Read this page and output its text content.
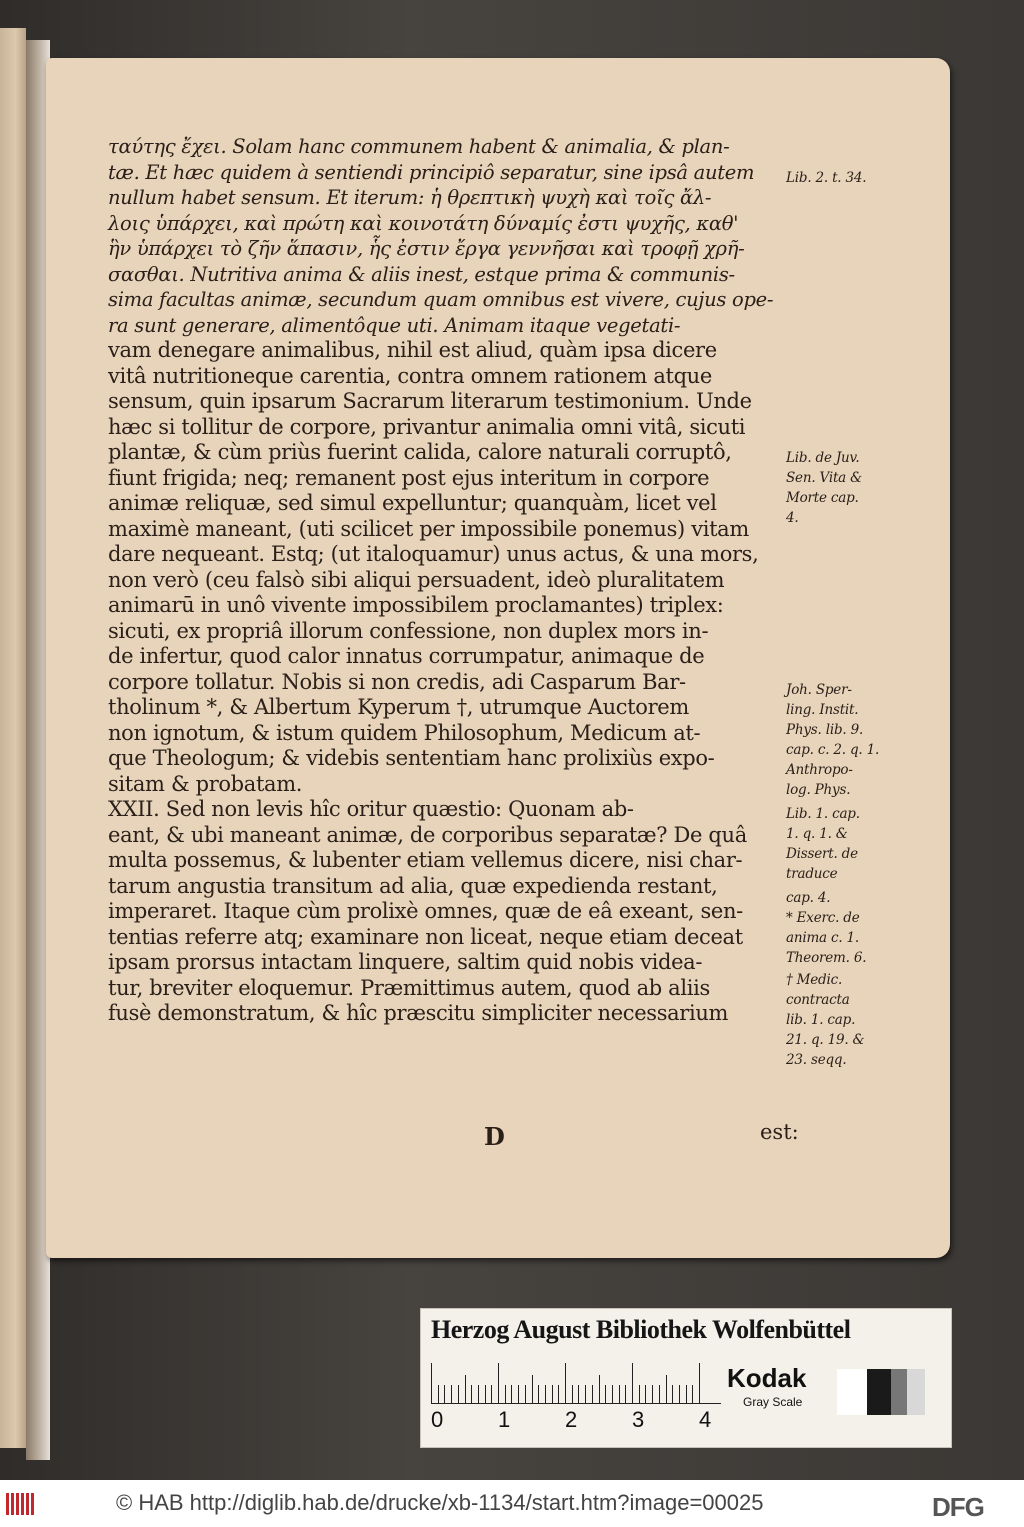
ταύτης ἔχει. Solam hanc communem habent & animalia, & plan-
tæ. Et hæc quidem à sentiendi principiô separatur, sine ipsâ autem
nullum habet sensum. Et iterum: ἡ θρεπτικὴ ψυχὴ καὶ τοῖς ἄλ-
λοις ὑπάρχει, καὶ πρώτη καὶ κοινοτάτη δύναμίς ἐστι ψυχῆς, καθ'
ἣν ὑπάρχει τὸ ζῆν ἅπασιν, ἧς ἐστιν ἔργα γεννῆσαι καὶ τροφῇ χρῆ-
σασθαι. Nutritiva anima & aliis inest, estque prima & communis-
sima facultas animæ, secundum quam omnibus est vivere, cujus ope-
ra sunt generare, alimentôque uti. Animam itaque vegetati-
vam denegare animalibus, nihil est aliud, quàm ipsa dicere
vitâ nutritioneque carentia, contra omnem rationem atque
sensum, quin ipsarum Sacrarum literarum testimonium. Unde
hæc si tollitur de corpore, privantur animalia omni vitâ, sicuti
plantæ, & cùm priùs fuerint calida, calore naturali corruptô,
fiunt frigida; neq; remanent post ejus interitum in corpore
animæ reliquæ, sed simul expelluntur; quanquàm, licet vel
maximè maneant, (uti scilicet per impossibile ponemus) vitam
dare nequeant. Estq; (ut italoquamur) unus actus, & una mors,
non verò (ceu falsò sibi aliqui persuadent, ideò pluralitatem
animarū in unô vivente impossibilem proclamantes) triplex:
sicuti, ex propriâ illorum confessione, non duplex mors in-
de infertur, quod calor innatus corrumpatur, animaque de
corpore tollatur. Nobis si non credis, adi Casparum Bar-
tholinum *, & Albertum Kyperum †, utrumque Auctorem
non ignotum, & istum quidem Philosophum, Medicum at-
que Theologum; & videbis sententiam hanc prolixiùs expo-
sitam & probatam.
XXII. Sed non levis hîc oritur quæstio: Quonam ab-
eant, & ubi maneant animæ, de corporibus separatæ? De quâ
multa possemus, & lubenter etiam vellemus dicere, nisi char-
tarum angustia transitum ad alia, quæ expedienda restant,
imperaret. Itaque cùm prolixè omnes, quæ de eâ exeant, sen-
tentias referre atq; examinare non liceat, neque etiam deceat
ipsam prorsus intactam linquere, saltim quid nobis videa-
tur, breviter eloquemur. Præmittimus autem, quod ab aliis
fusè demonstratum, & hîc præscitu simpliciter necessarium
Lib. 2. t. 34.
Lib. de Juv.
Sen. Vita &
Morte cap.
4.
Joh. Sper-
ling. Instit.
Phys. lib. 9.
cap. c. 2. q. 1.
Anthropo-
log. Phys.
Lib. 1. cap.
1. q. 1. &
Dissert. de
traduce
cap. 4.
* Exerc. de
anima c. 1.
Theorem. 6.
† Medic.
contracta
lib. 1. cap.
21. q. 19. &
23. seqq.
D	est:
Herzog August Bibliothek Wolfenbüttel
0 1 2 3 4
Kodak
Gray Scale
© HAB http://diglib.hab.de/drucke/xb-1134/start.htm?image=00025	DFG
